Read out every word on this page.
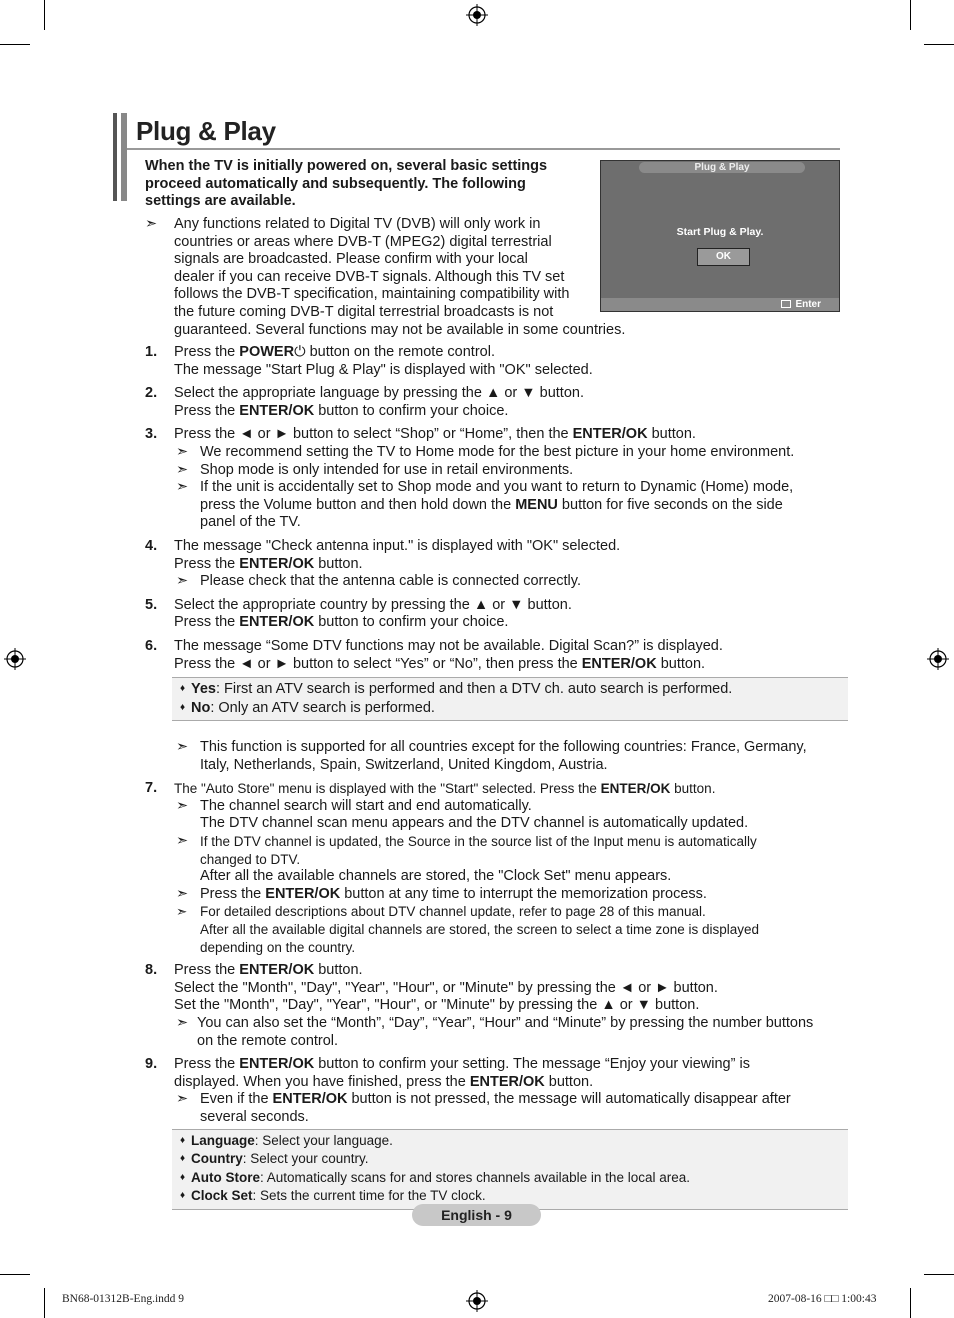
Plug & Play
When the TV is initially powered on, several basic settings proceed automatically and subsequently. The following settings are available.
➣ Any functions related to Digital TV (DVB) will only work in
countries or areas where DVB-T (MPEG2) digital terrestrial
signals are broadcasted. Please confirm with your local
dealer if you can receive DVB-T signals. Although this TV set
follows the DVB-T specification, maintaining compatibility with
the future coming DVB-T digital terrestrial broadcasts is not
guaranteed. Several functions may not be available in some countries.
Plug & Play
Start Plug & Play.
OK
Enter
1. Press the POWER⏻ button on the remote control.
The message "Start Plug & Play" is displayed with "OK" selected.
2. Select the appropriate language by pressing the ▲ or ▼ button.
Press the ENTER/OK button to confirm your choice.
3. Press the ◄ or ► button to select “Shop” or “Home”, then the ENTER/OK button.
➣ We recommend setting the TV to Home mode for the best picture in your home environment.
➣ Shop mode is only intended for use in retail environments.
➣ If the unit is accidentally set to Shop mode and you want to return to Dynamic (Home) mode,
press the Volume button and then hold down the MENU button for five seconds on the side
panel of the TV.
4. The message "Check antenna input." is displayed with "OK" selected.
Press the ENTER/OK button.
➣ Please check that the antenna cable is connected correctly.
5. Select the appropriate country by pressing the ▲ or ▼ button.
Press the ENTER/OK button to confirm your choice.
6. The message “Some DTV functions may not be available. Digital Scan?” is displayed.
Press the ◄ or ► button to select “Yes” or “No”, then press the ENTER/OK button.
♦ Yes: First an ATV search is performed and then a DTV ch. auto search is performed.
♦ No: Only an ATV search is performed.
➣ This function is supported for all countries except for the following countries: France, Germany,
Italy, Netherlands, Spain, Switzerland, United Kingdom, Austria.
7. The "Auto Store" menu is displayed with the "Start" selected. Press the ENTER/OK button.
➣ The channel search will start and end automatically.
The DTV channel scan menu appears and the DTV channel is automatically updated.
➣ If the DTV channel is updated, the Source in the source list of the Input menu is automatically
changed to DTV.
After all the available channels are stored, the "Clock Set" menu appears.
➣ Press the ENTER/OK button at any time to interrupt the memorization process.
➣ For detailed descriptions about DTV channel update, refer to page 28 of this manual.
After all the available digital channels are stored, the screen to select a time zone is displayed
depending on the country.
8. Press the ENTER/OK button.
Select the "Month", "Day", "Year", "Hour", or "Minute" by pressing the ◄ or ► button.
Set the "Month", "Day", "Year", "Hour", or "Minute" by pressing the ▲ or ▼ button.
➣ You can also set the “Month”, “Day”, “Year”, “Hour” and “Minute” by pressing the number buttons
on the remote control.
9. Press the ENTER/OK button to confirm your setting. The message “Enjoy your viewing” is
displayed. When you have finished, press the ENTER/OK button.
➣ Even if the ENTER/OK button is not pressed, the message will automatically disappear after
several seconds.
♦ Language: Select your language.
♦ Country: Select your country.
♦ Auto Store: Automatically scans for and stores channels available in the local area.
♦ Clock Set: Sets the current time for the TV clock.
English - 9
BN68-01312B-Eng.indd 9	2007-08-16 □□ 1:00:43
